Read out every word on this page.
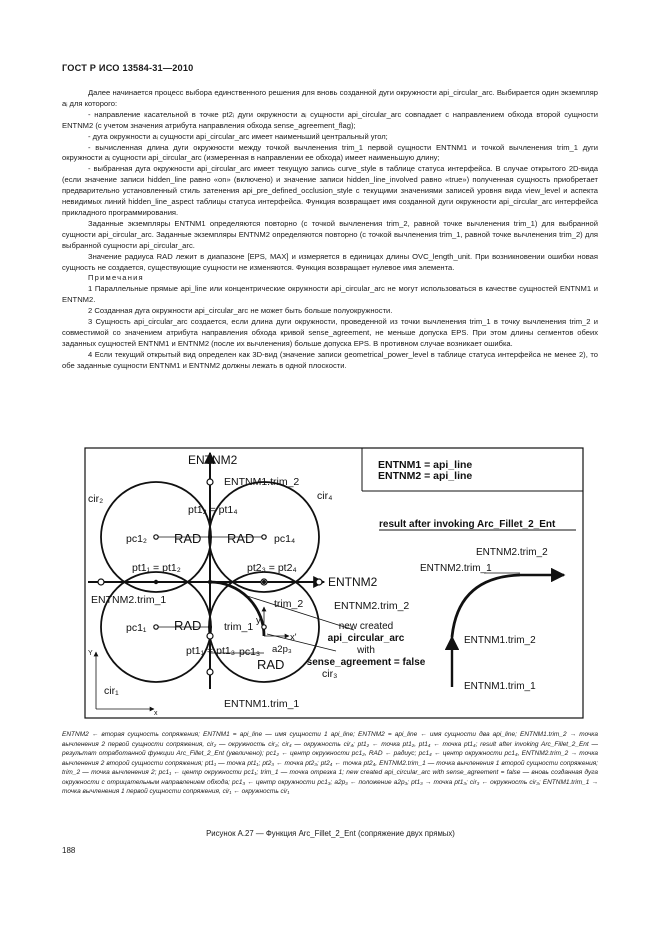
ГОСТ Р ИСО 13584-31—2010

Далее начинается процесс выбора единственного решения для вновь созданной дуги окружности api_circular_arc. Выбирается один экземпляр aᵢ для которого:

- направление касательной в точке pt2ᵢ дуги окружности aᵢ сущности api_circular_arc совпадает с направлением обхода второй сущности ENTNM2 (с учетом значения атрибута направления обхода sense_agreement_flag);

- дуга окружности aᵢ сущности api_circular_arc имеет наименьший центральный угол;

- вычисленная длина дуги окружности между точкой вычленения trim_1 первой сущности ENTNM1 и точкой вычленения trim_1 дуги окружности aᵢ сущности api_circular_arc (измеренная в направлении ее обхода) имеет наименьшую длину;

- выбранная дуга окружности api_circular_arc имеет текущую запись curve_style в таблице статуса интерфейса. В случае открытого 2D-вида (если значение записи hidden_line равно «on» (включено) и значение записи hidden_line_involved равно «true») полученная сущность приобретает предварительно установленный стиль затенения api_pre_defined_occlusion_style с текущими значениями записей уровня вида view_level и аспекта невидимых линий hidden_line_aspect таблицы статуса интерфейса. Функция возвращает имя созданной дуги окружности api_circular_arc интерфейса прикладного программирования.

Заданные экземпляры ENTNM1 определяются повторно (с точкой вычленения trim_2, равной точке вычленения trim_1) для выбранной сущности api_circular_arc. Заданные экземпляры ENTNM2 определяются повторно (с точкой вычленения trim_1, равной точке вычленения trim_2) для выбранной сущности api_circular_arc.

Значение радиуса RAD лежит в диапазоне [EPS, MAX] и измеряется в единицах длины OVC_length_unit. При возникновении ошибки новая сущность не создается, существующие сущности не изменяются. Функция возвращает нулевое имя элемента.

Примечания

1 Параллельные прямые api_line или концентрические окружности api_circular_arc не могут использоваться в качестве сущностей ENTNM1 и ENTNM2.

2 Созданная дуга окружности api_circular_arc не может быть больше полуокружности.

3 Сущность api_circular_arc создается, если длина дуги окружности, проведенной из точки вычленения trim_1 в точку вычленения trim_2 и совместимой со значением атрибута направления обхода кривой sense_agreement, не меньше допуска EPS. При этом длины сегментов обеих заданных сущностей ENTNM1 и ENTNM2 (после их вычленения) больше допуска EPS. В противном случае возникает ошибка.

4 Если текущий открытый вид определен как 3D-вид (значение записи geometrical_power_level в таблице статуса интерфейса не менее 2), то обе заданные сущности ENTNM1 и ENTNM2 должны лежать в одной плоскости.

ENTNM2
ENTNM1.trim_2
cir₂	cir₄
pt1₂ = pt1₄
pc1₂	pc1₄
RAD RAD
pt1₁ = pt1₂	pt2₃ = pt2₄
ENTNM2
ENTNM2.trim_1	trim_2	ENTNM2.trim_2
pc1₁ RAD trim_1
y'
x'
pt1₁ = pt1₃ pc1₃ a2p₃
RAD
cir₃
cir₁
ENTNM1.trim_1
Y
x
ENTNM1 = api_line
ENTNM2 = api_line
result after invoking Arc_Fillet_2_Ent
ENTNM2.trim_2
ENTNM2.trim_1
ENTNM1.trim_2
ENTNM1.trim_1
new created
api_circular_arc
with
sense_agreement = false

ENTNM2 ← вторая сущность сопряжения; ENTNM1 = api_line — имя сущности 1 api_line; ENTNM2 = api_line ← имя сущности два api_line; ENTNM1.trim_2 → точка вычленения 2 первой сущности сопряжения, cir₂ — окружность cir₂; cir₄ — окружность cir₄; pt1₂ ← точка pt1₂, pt1₄ ← точка pt1₄; result after invoking Arc_Fillet_2_Ent — результат отработанной функции Arc_Fillet_2_Ent (увеличено); pc1₂ ← центр окружности pc1₂, RAD ← радиус; pc1₄ ← центр окружности pc1₄, ENTNM2.trim_2 → точка вычленения 2 второй сущности сопряжения; pt1₁ — точка pt1₁; pt2₃ ← точка pt2₃; pt2₄ ← точка pt2₄, ENTNM2.trim_1 — точка вычленения 1 второй сущности сопряжения; trim_2 — точка вычленения 2; pc1₁ ← центр окружности pc1₁; trim_1 — точка отрезка 1; new created api_circular_arc with sense_agreement = false — вновь созданная дуга окружности с отрицательным направлением обхода; pc1₃ ← центр окружности pc1₃; a2p₃ ← положение a2p₃; pt1₃ → точка pt1₃; cir₃ ← окружность cir₃; ENTNM1.trim_1 → точка вычленения 1 первой сущности сопряжения, cir₁ ← окружность cir₁

Рисунок А.27 — Функция Arc_Fillet_2_Ent (сопряжение двух прямых)
188
